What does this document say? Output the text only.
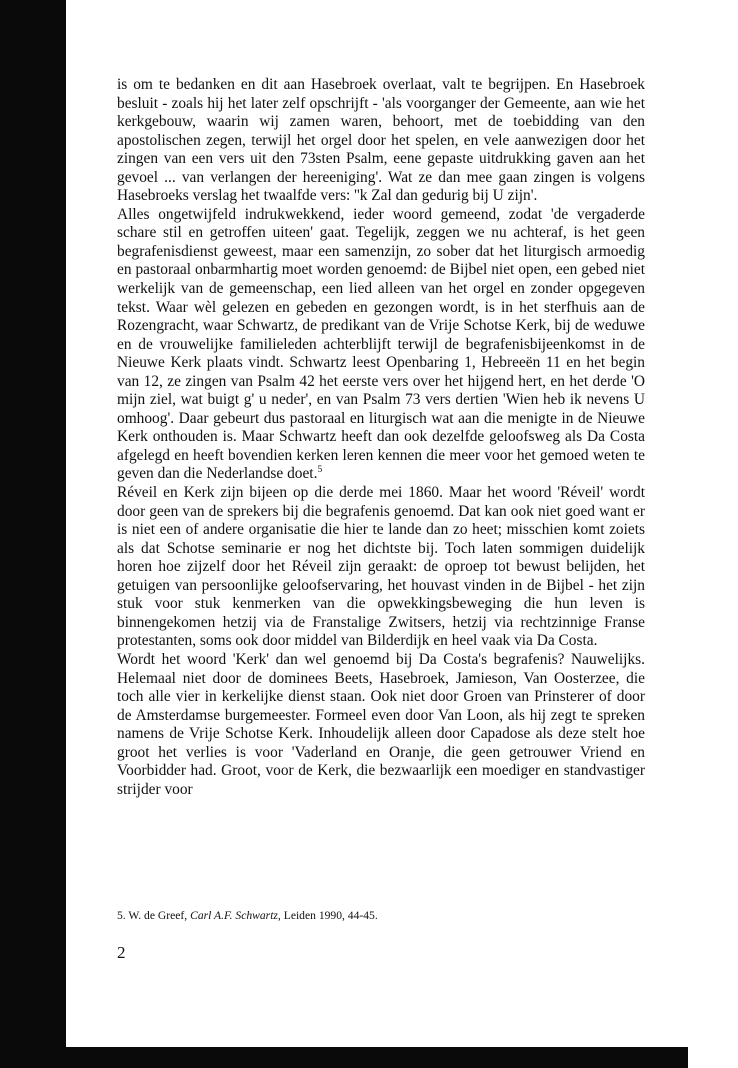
is om te bedanken en dit aan Hasebroek overlaat, valt te begrijpen. En Hasebroek besluit - zoals hij het later zelf opschrijft - 'als voorganger der Gemeente, aan wie het kerkgebouw, waarin wij zamen waren, behoort, met de toebidding van den apostolischen zegen, terwijl het orgel door het spelen, en vele aanwezigen door het zingen van een vers uit den 73sten Psalm, eene gepaste uitdrukking gaven aan het gevoel ... van verlangen der hereeniging'. Wat ze dan mee gaan zingen is volgens Hasebroeks verslag het twaalfde vers: ''k Zal dan gedurig bij U zijn'.

Alles ongetwijfeld indrukwekkend, ieder woord gemeend, zodat 'de vergaderde schare stil en getroffen uiteen' gaat. Tegelijk, zeggen we nu achteraf, is het geen begrafenisdienst geweest, maar een samenzijn, zo sober dat het liturgisch armoedig en pastoraal onbarmhartig moet worden genoemd: de Bijbel niet open, een gebed niet werkelijk van de gemeenschap, een lied alleen van het orgel en zonder opgegeven tekst. Waar wèl gelezen en gebeden en gezongen wordt, is in het sterfhuis aan de Rozengracht, waar Schwartz, de predikant van de Vrije Schotse Kerk, bij de weduwe en de vrouwelijke familieleden achterblijft terwijl de begrafenisbijeenkomst in de Nieuwe Kerk plaats vindt. Schwartz leest Openbaring 1, Hebreeën 11 en het begin van 12, ze zingen van Psalm 42 het eerste vers over het hijgend hert, en het derde 'O mijn ziel, wat buigt g' u neder', en van Psalm 73 vers dertien 'Wien heb ik nevens U omhoog'. Daar gebeurt dus pastoraal en liturgisch wat aan die menigte in de Nieuwe Kerk onthouden is. Maar Schwartz heeft dan ook dezelfde geloofsweg als Da Costa afgelegd en heeft bovendien kerken leren kennen die meer voor het gemoed weten te geven dan die Nederlandse doet.$^5$

Réveil en Kerk zijn bijeen op die derde mei 1860. Maar het woord 'Réveil' wordt door geen van de sprekers bij die begrafenis genoemd. Dat kan ook niet goed want er is niet een of andere organisatie die hier te lande dan zo heet; misschien komt zoiets als dat Schotse seminarie er nog het dichtste bij. Toch laten sommigen duidelijk horen hoe zijzelf door het Réveil zijn geraakt: de oproep tot bewust belijden, het getuigen van persoonlijke geloofservaring, het houvast vinden in de Bijbel - het zijn stuk voor stuk kenmerken van die opwekkingsbeweging die hun leven is binnengekomen hetzij via de Franstalige Zwitsers, hetzij via rechtzinnige Franse protestanten, soms ook door middel van Bilderdijk en heel vaak via Da Costa.

Wordt het woord 'Kerk' dan wel genoemd bij Da Costa's begrafenis? Nauwelijks. Helemaal niet door de dominees Beets, Hasebroek, Jamieson, Van Oosterzee, die toch alle vier in kerkelijke dienst staan. Ook niet door Groen van Prinsterer of door de Amsterdamse burgemeester. Formeel even door Van Loon, als hij zegt te spreken namens de Vrije Schotse Kerk. Inhoudelijk alleen door Capadose als deze stelt hoe groot het verlies is voor 'Vaderland en Oranje, die geen getrouwer Vriend en Voorbidder had. Groot, voor de Kerk, die bezwaarlijk een moediger en standvastiger strijder voor

5. W. de Greef, Carl A.F. Schwartz, Leiden 1990, 44-45.

2
